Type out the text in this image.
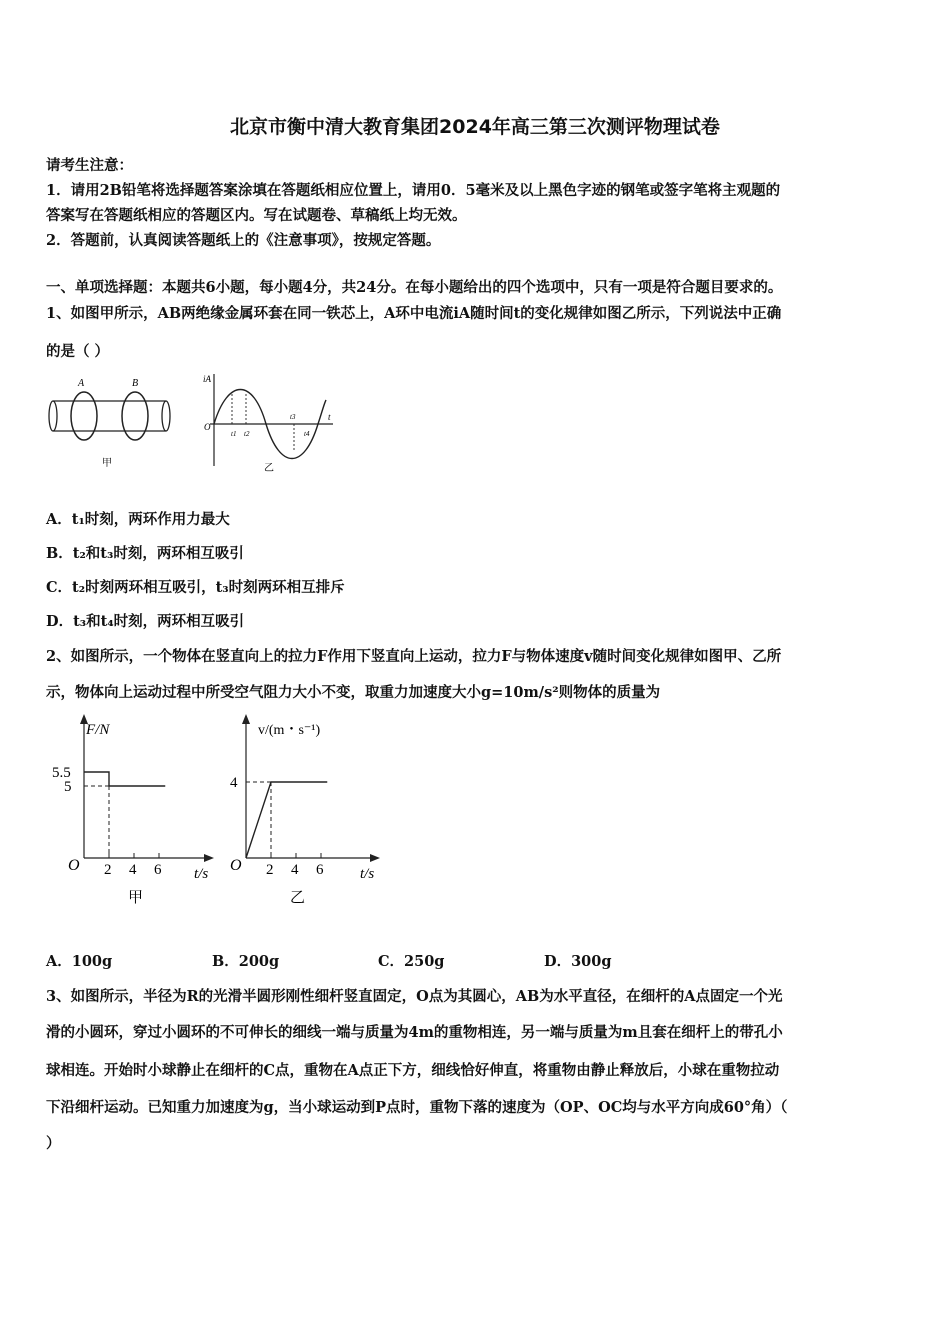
北京市衡中清大教育集团2024年高三第三次测评物理试卷
请考生注意：
1．请用2B铅笔将选择题答案涂填在答题纸相应位置上，请用0．5毫米及以上黑色字迹的钢笔或签字笔将主观题的
答案写在答题纸相应的答题区内。写在试题卷、草稿纸上均无效。
2．答题前，认真阅读答题纸上的《注意事项》，按规定答题。
一、单项选择题：本题共6小题，每小题4分，共24分。在每小题给出的四个选项中，只有一项是符合题目要求的。
1、如图甲所示，AB两绝缘金属环套在同一铁芯上，A环中电流iA随时间t的变化规律如图乙所示，下列说法中正确
的是（ ）
A	B
甲
iA
t
O
t1 t2
t3
t4
乙
A．t₁时刻，两环作用力最大
B．t₂和t₃时刻，两环相互吸引
C．t₂时刻两环相互吸引，t₃时刻两环相互排斥
D．t₃和t₄时刻，两环相互吸引
2、如图所示，一个物体在竖直向上的拉力F作用下竖直向上运动，拉力F与物体速度v随时间变化规律如图甲、乙所
示，物体向上运动过程中所受空气阻力大小不变，取重力加速度大小g=10m/s²则物体的质量为
F/N
t/s
O
甲
2 4 6
5
5.5
v/(m・s⁻¹)
t/s
O
乙
2 4 6
4
A．100g	B．200g	C．250g	D．300g
3、如图所示，半径为R的光滑半圆形刚性细杆竖直固定，O点为其圆心，AB为水平直径，在细杆的A点固定一个光
滑的小圆环，穿过小圆环的不可伸长的细线一端与质量为4m的重物相连，另一端与质量为m且套在细杆上的带孔小
球相连。开始时小球静止在细杆的C点，重物在A点正下方，细线恰好伸直，将重物由静止释放后，小球在重物拉动
下沿细杆运动。已知重力加速度为g，当小球运动到P点时，重物下落的速度为（OP、OC均与水平方向成60°角）（
）
